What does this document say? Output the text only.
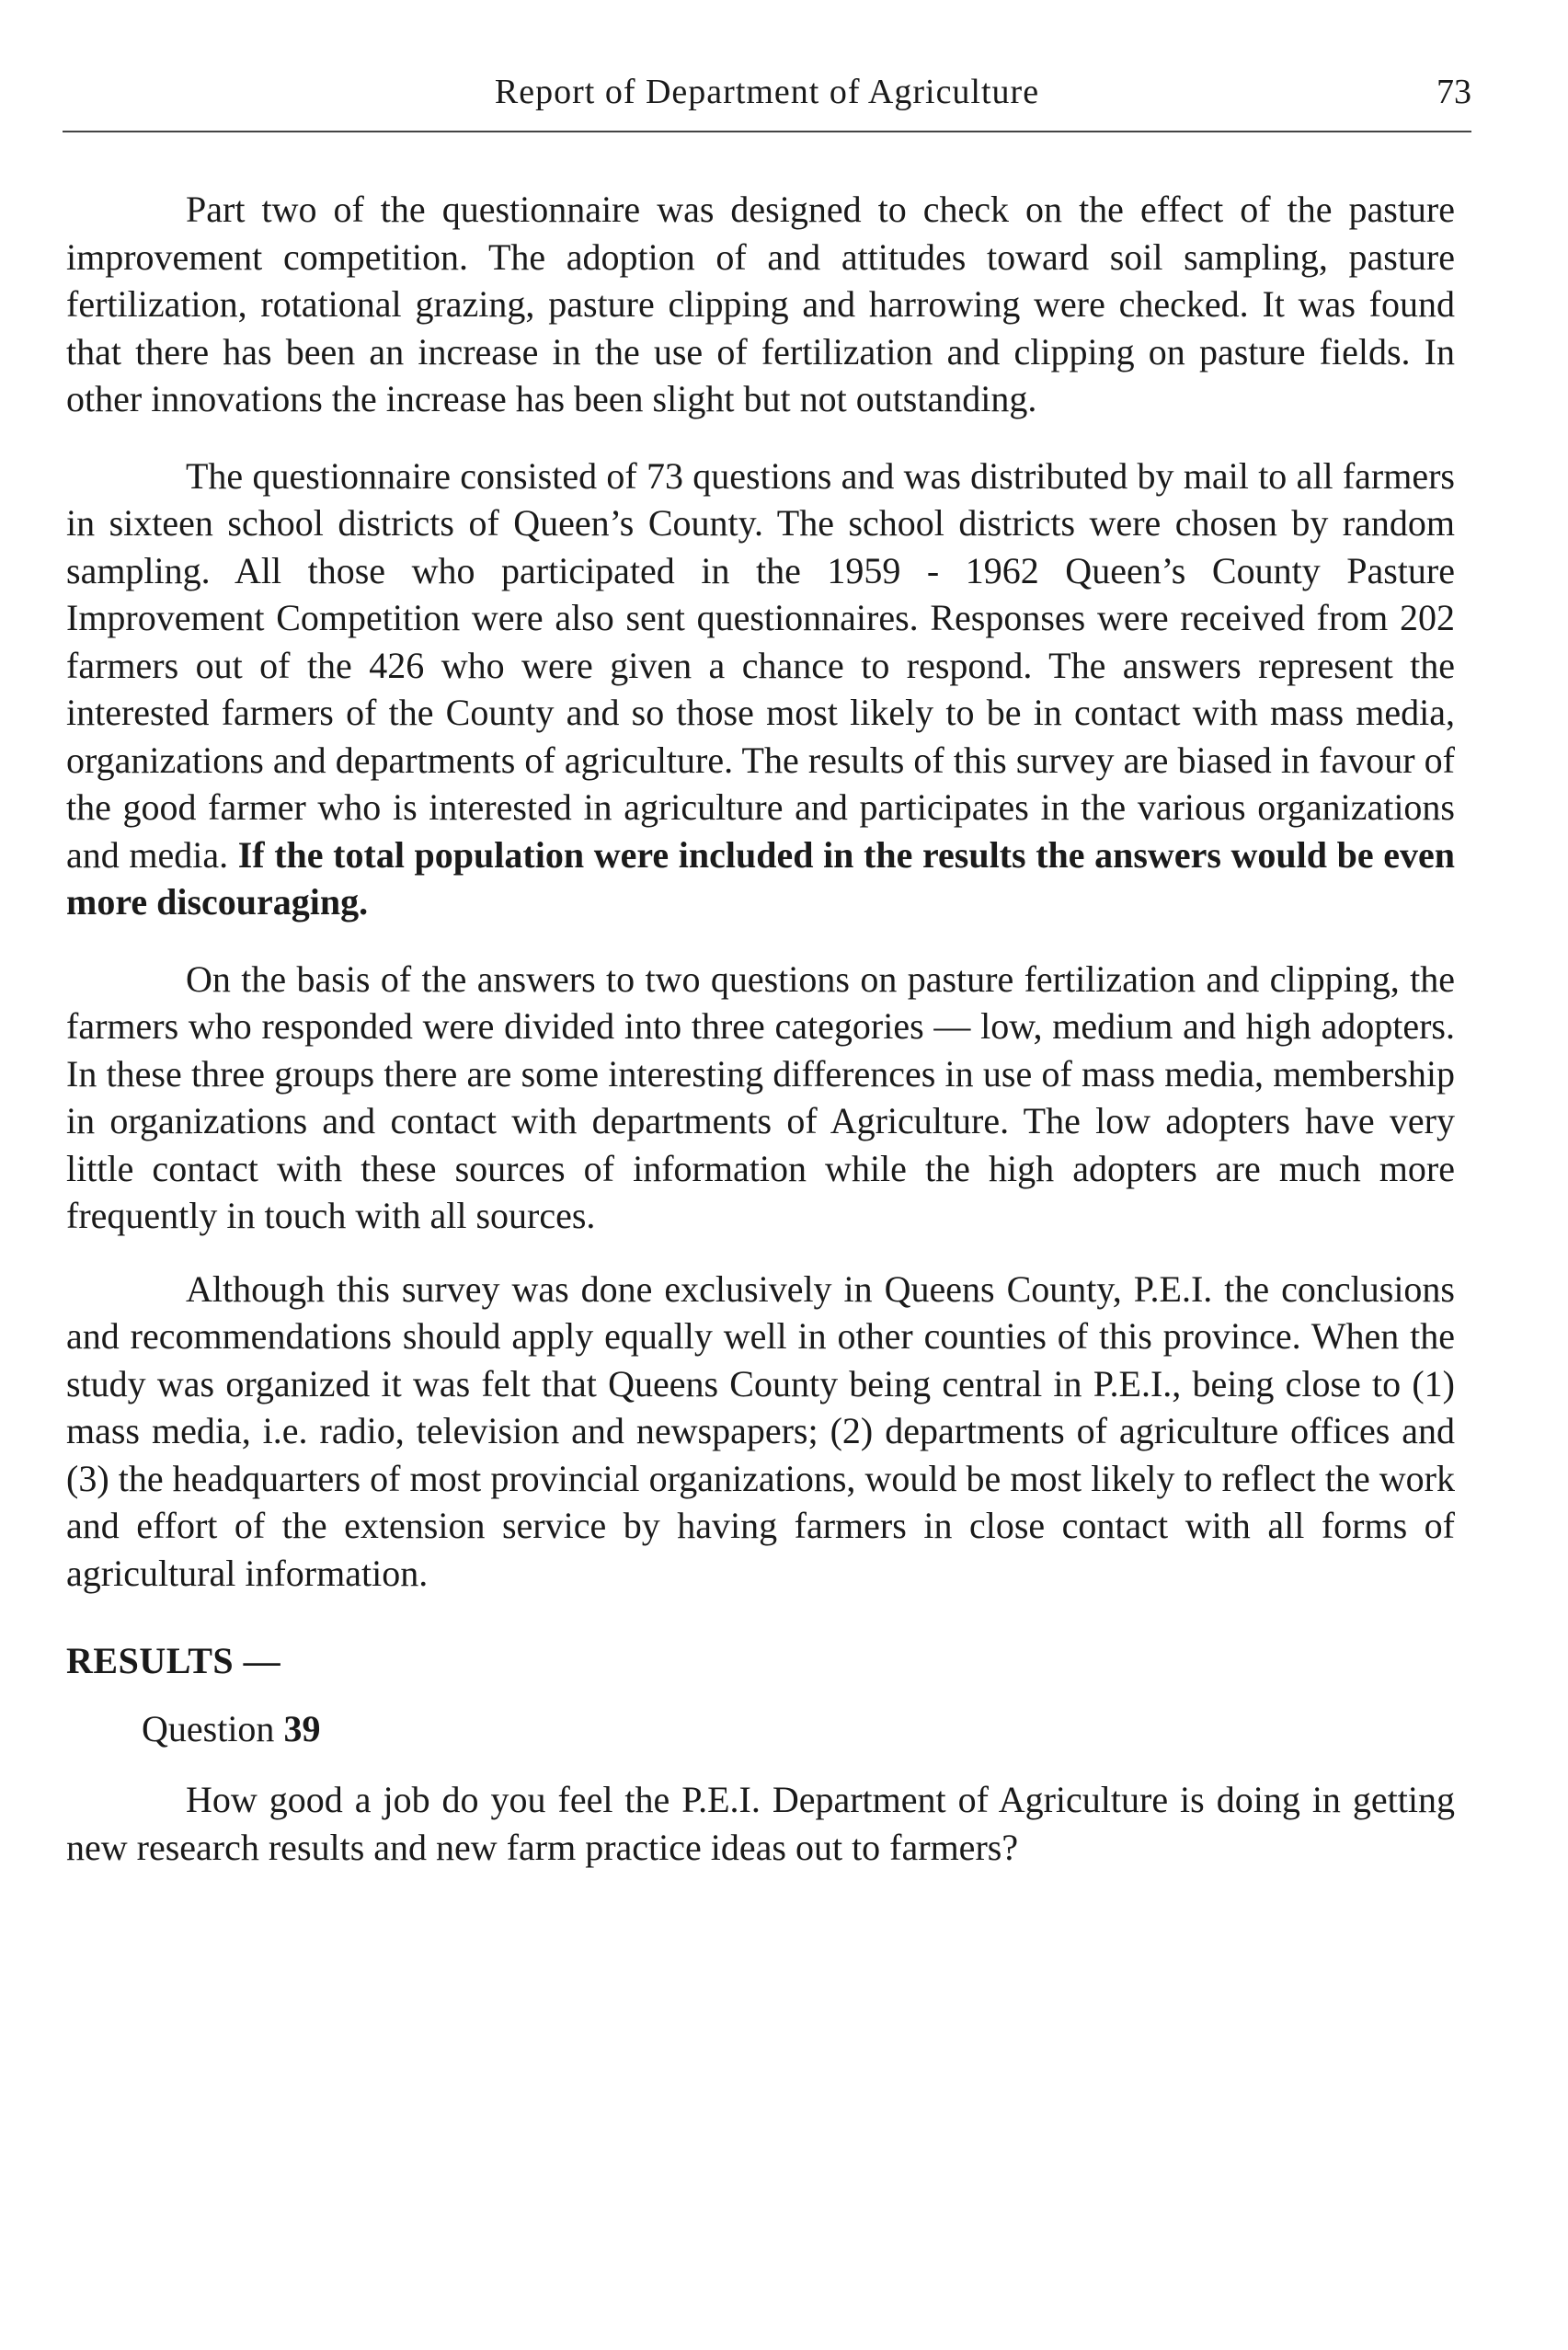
Report of Department of Agriculture	73

Part two of the questionnaire was designed to check on the effect of the pasture improvement competition. The adoption of and attitudes toward soil sampling, pasture fertilization, rotational grazing, pasture clipping and harrowing were checked. It was found that there has been an increase in the use of fertilization and clipping on pasture fields. In other innovations the increase has been slight but not outstanding.

The questionnaire consisted of 73 questions and was distributed by mail to all farmers in sixteen school districts of Queen’s County. The school districts were chosen by random sampling. All those who participated in the 1959 - 1962 Queen’s County Pasture Improvement Competition were also sent questionnaires. Responses were received from 202 farmers out of the 426 who were given a chance to respond. The answers represent the interested farmers of the County and so those most likely to be in contact with mass media, organizations and departments of agriculture. The results of this survey are biased in favour of the good farmer who is interested in agriculture and participates in the various organizations and media. If the total population were included in the results the answers would be even more discouraging.

On the basis of the answers to two questions on pasture fertilization and clipping, the farmers who responded were divided into three categories — low, medium and high adopters. In these three groups there are some interesting differences in use of mass media, membership in organizations and contact with departments of Agriculture. The low adopters have very little contact with these sources of information while the high adopters are much more frequently in touch with all sources.

Although this survey was done exclusively in Queens County, P.E.I. the conclusions and recommendations should apply equally well in other counties of this province. When the study was organized it was felt that Queens County being central in P.E.I., being close to (1) mass media, i.e. radio, television and newspapers; (2) departments of agriculture offices and (3) the headquarters of most provincial organizations, would be most likely to reflect the work and effort of the extension service by having farmers in close contact with all forms of agricultural information.

RESULTS —
Question 39

How good a job do you feel the P.E.I. Department of Agriculture is doing in getting new research results and new farm practice ideas out to farmers?
